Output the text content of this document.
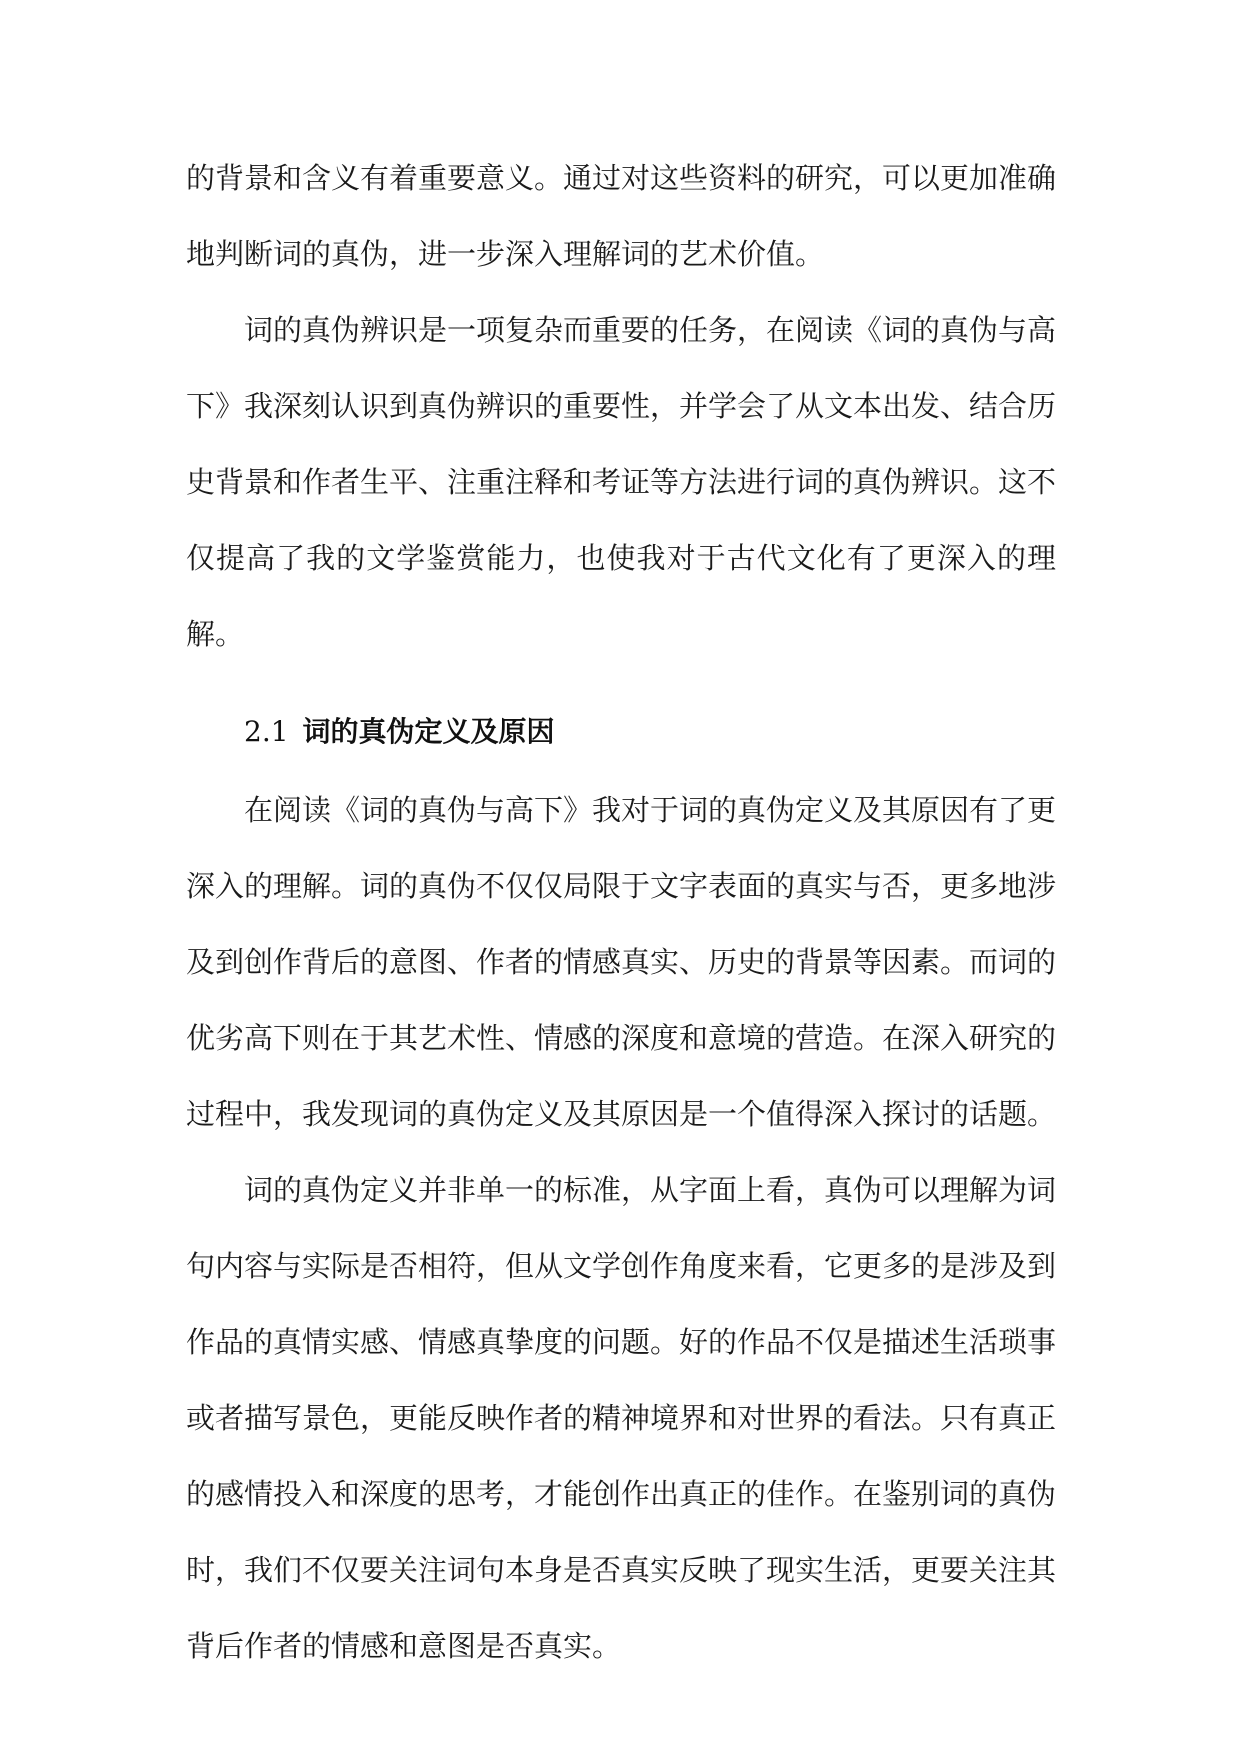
的背景和含义有着重要意义。通过对这些资料的研究，可以更加准确地判断词的真伪，进一步深入理解词的艺术价值。

词的真伪辨识是一项复杂而重要的任务，在阅读《词的真伪与高下》我深刻认识到真伪辨识的重要性，并学会了从文本出发、结合历史背景和作者生平、注重注释和考证等方法进行词的真伪辨识。这不仅提高了我的文学鉴赏能力，也使我对于古代文化有了更深入的理解。

2.1 词的真伪定义及原因

在阅读《词的真伪与高下》我对于词的真伪定义及其原因有了更深入的理解。词的真伪不仅仅局限于文字表面的真实与否，更多地涉及到创作背后的意图、作者的情感真实、历史的背景等因素。而词的优劣高下则在于其艺术性、情感的深度和意境的营造。在深入研究的过程中，我发现词的真伪定义及其原因是一个值得深入探讨的话题。

词的真伪定义并非单一的标准，从字面上看，真伪可以理解为词句内容与实际是否相符，但从文学创作角度来看，它更多的是涉及到作品的真情实感、情感真挚度的问题。好的作品不仅是描述生活琐事或者描写景色，更能反映作者的精神境界和对世界的看法。只有真正的感情投入和深度的思考，才能创作出真正的佳作。在鉴别词的真伪时，我们不仅要关注词句本身是否真实反映了现实生活，更要关注其背后作者的情感和意图是否真实。
